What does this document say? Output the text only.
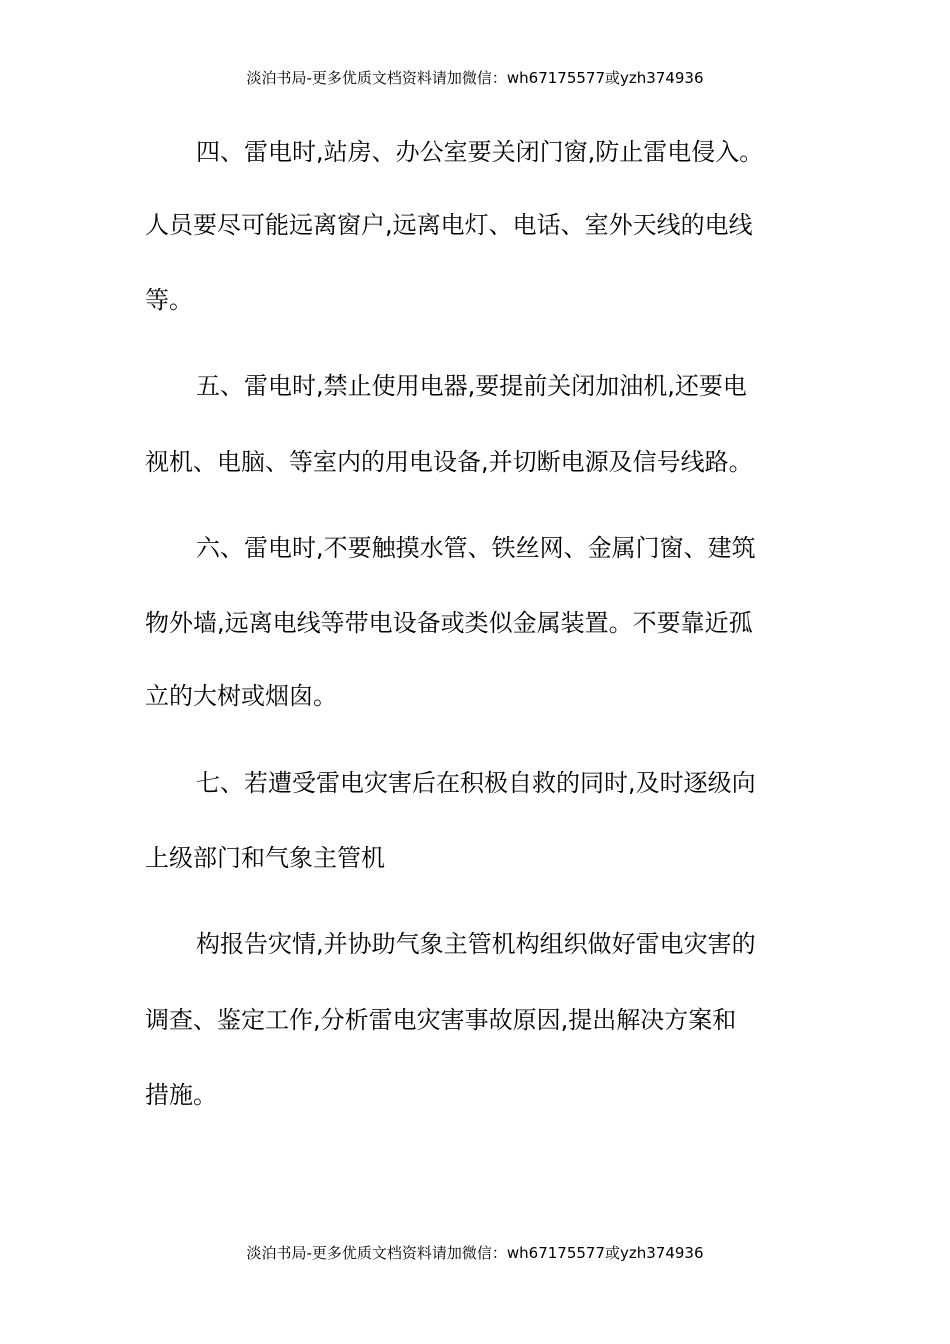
淡泊书局-更多优质文档资料请加微信：wh67175577或yzh374936
四、雷电时,站房、办公室要关闭门窗,防止雷电侵入。
人员要尽可能远离窗户,远离电灯、电话、室外天线的电线
等。
五、雷电时,禁止使用电器,要提前关闭加油机,还要电
视机、电脑、等室内的用电设备,并切断电源及信号线路。
六、雷电时,不要触摸水管、铁丝网、金属门窗、建筑
物外墙,远离电线等带电设备或类似金属装置。不要靠近孤
立的大树或烟囱。
七、若遭受雷电灾害后在积极自救的同时,及时逐级向
上级部门和气象主管机
构报告灾情,并协助气象主管机构组织做好雷电灾害的
调查、鉴定工作,分析雷电灾害事故原因,提出解决方案和
措施。
淡泊书局-更多优质文档资料请加微信：wh67175577或yzh374936
